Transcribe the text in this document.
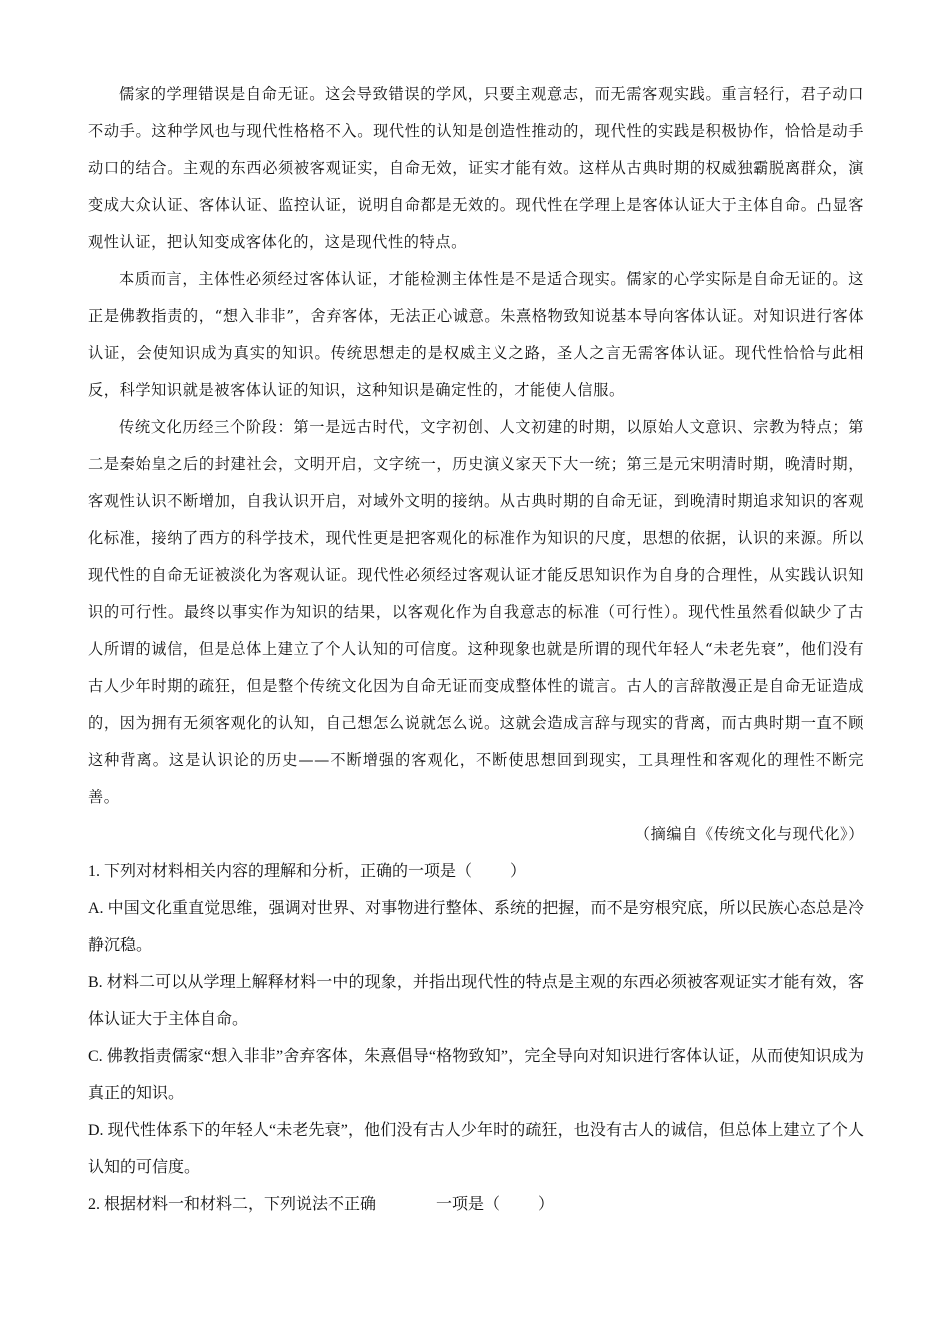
儒家的学理错误是自命无证。这会导致错误的学风，只要主观意志，而无需客观实践。重言轻行，君子动口不动手。这种学风也与现代性格格不入。现代性的认知是创造性推动的，现代性的实践是积极协作，恰恰是动手动口的结合。主观的东西必须被客观证实，自命无效，证实才能有效。这样从古典时期的权威独霸脱离群众，演变成大众认证、客体认证、监控认证，说明自命都是无效的。现代性在学理上是客体认证大于主体自命。凸显客观性认证，把认知变成客体化的，这是现代性的特点。

本质而言，主体性必须经过客体认证，才能检测主体性是不是适合现实。儒家的心学实际是自命无证的。这正是佛教指责的，“想入非非”，舍弃客体，无法正心诚意。朱熹格物致知说基本导向客体认证。对知识进行客体认证，会使知识成为真实的知识。传统思想走的是权威主义之路，圣人之言无需客体认证。现代性恰恰与此相反，科学知识就是被客体认证的知识，这种知识是确定性的，才能使人信服。

传统文化历经三个阶段：第一是远古时代，文字初创、人文初建的时期，以原始人文意识、宗教为特点；第二是秦始皇之后的封建社会，文明开启，文字统一，历史演义家天下大一统；第三是元宋明清时期，晚清时期，客观性认识不断增加，自我认识开启，对域外文明的接纳。从古典时期的自命无证，到晚清时期追求知识的客观化标准，接纳了西方的科学技术，现代性更是把客观化的标准作为知识的尺度，思想的依据，认识的来源。所以现代性的自命无证被淡化为客观认证。现代性必须经过客观认证才能反思知识作为自身的合理性，从实践认识知识的可行性。最终以事实作为知识的结果，以客观化作为自我意志的标准（可行性）。现代性虽然看似缺少了古人所谓的诚信，但是总体上建立了个人认知的可信度。这种现象也就是所谓的现代年轻人“未老先衰”，他们没有古人少年时期的疏狂，但是整个传统文化因为自命无证而变成整体性的谎言。古人的言辞散漫正是自命无证造成的，因为拥有无须客观化的认知，自己想怎么说就怎么说。这就会造成言辞与现实的背离，而古典时期一直不顾这种背离。这是认识论的历史——不断增强的客观化，不断使思想回到现实，工具理性和客观化的理性不断完善。

（摘编自《传统文化与现代化》）

1. 下列对材料相关内容的理解和分析，正确的一项是（ ）

A. 中国文化重直觉思维，强调对世界、对事物进行整体、系统的把握，而不是穷根究底，所以民族心态总是冷静沉稳。

B. 材料二可以从学理上解释材料一中的现象，并指出现代性的特点是主观的东西必须被客观证实才能有效，客体认证大于主体自命。

C. 佛教指责儒家“想入非非”舍弃客体，朱熹倡导“格物致知”，完全导向对知识进行客体认证，从而使知识成为真正的知识。

D. 现代性体系下的年轻人“未老先衰”，他们没有古人少年时的疏狂，也没有古人的诚信，但总体上建立了个人认知的可信度。

2. 根据材料一和材料二，下列说法不正确	一项是（ ）
